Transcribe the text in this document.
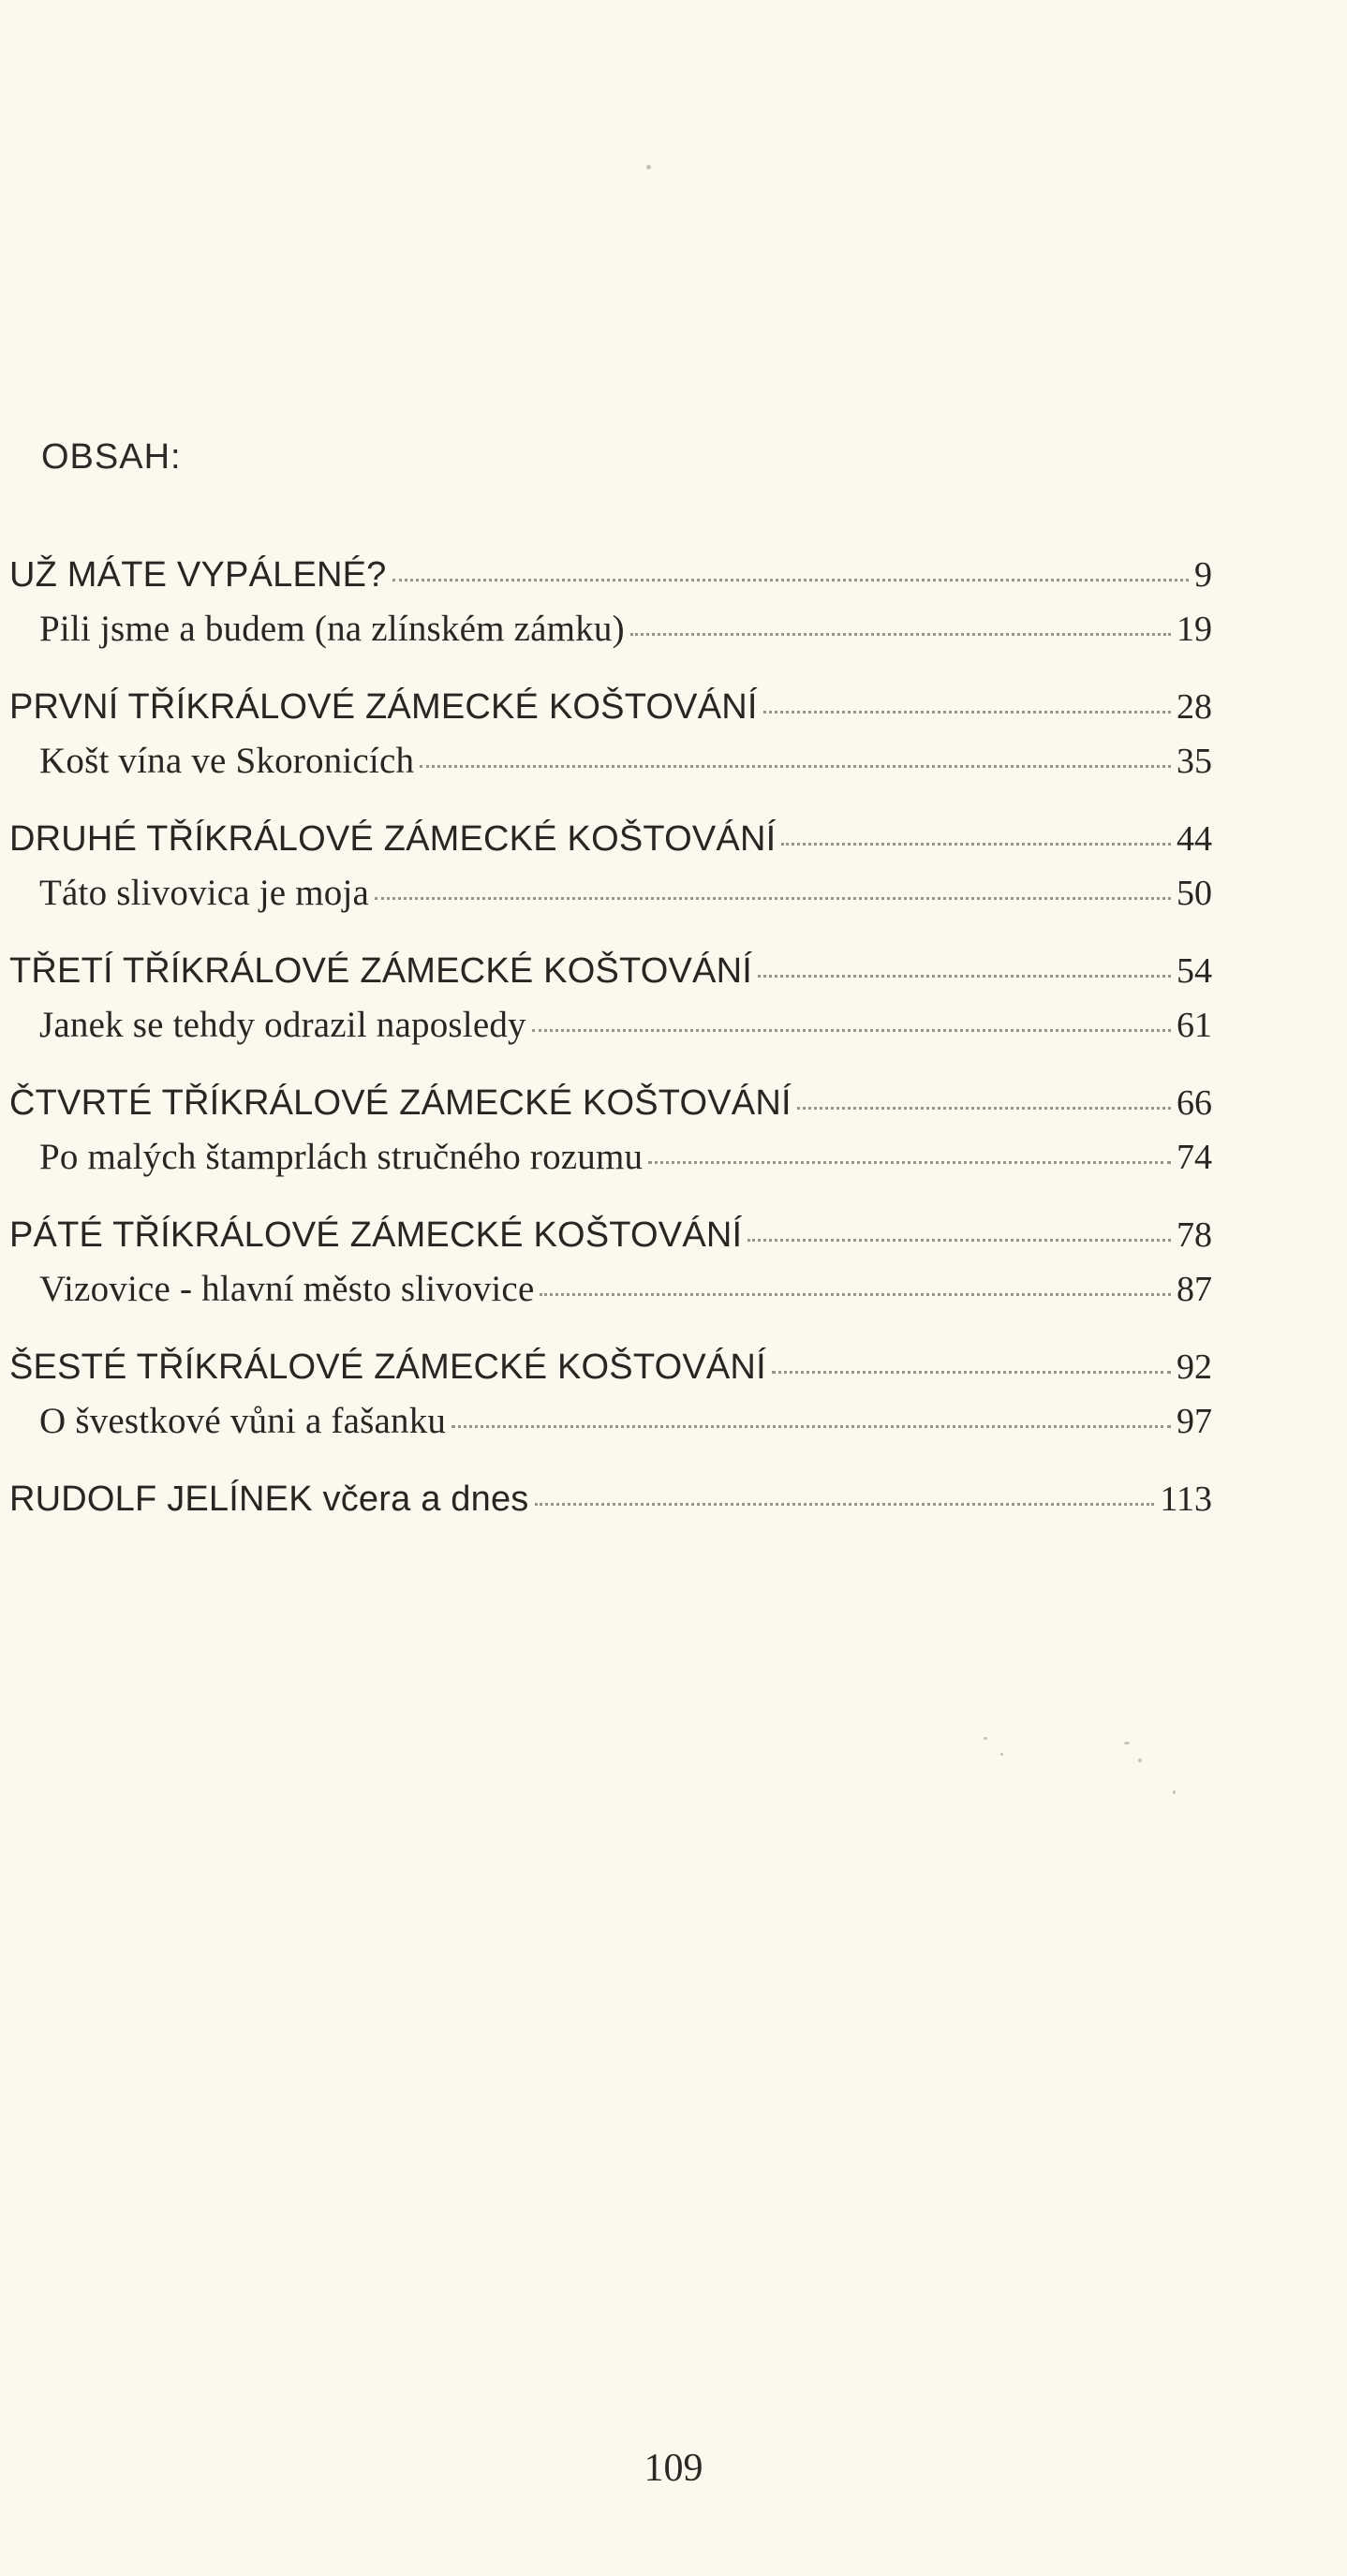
OBSAH:
UŽ MÁTE VYPÁLENÉ?	9
Pili jsme a budem (na zlínském zámku)	19
PRVNÍ TŘÍKRÁLOVÉ ZÁMECKÉ KOŠTOVÁNÍ	28
Košt vína ve Skoronicích	35
DRUHÉ TŘÍKRÁLOVÉ ZÁMECKÉ KOŠTOVÁNÍ	44
Táto slivovica je moja	50
TŘETÍ TŘÍKRÁLOVÉ ZÁMECKÉ KOŠTOVÁNÍ	54
Janek se tehdy odrazil naposledy	61
ČTVRTÉ TŘÍKRÁLOVÉ ZÁMECKÉ KOŠTOVÁNÍ	66
Po malých štamprlách stručného rozumu	74
PÁTÉ TŘÍKRÁLOVÉ ZÁMECKÉ KOŠTOVÁNÍ	78
Vizovice - hlavní město slivovice	87
ŠESTÉ TŘÍKRÁLOVÉ ZÁMECKÉ KOŠTOVÁNÍ	92
O švestkové vůni a fašanku	97
RUDOLF JELÍNEK včera a dnes	113
109
